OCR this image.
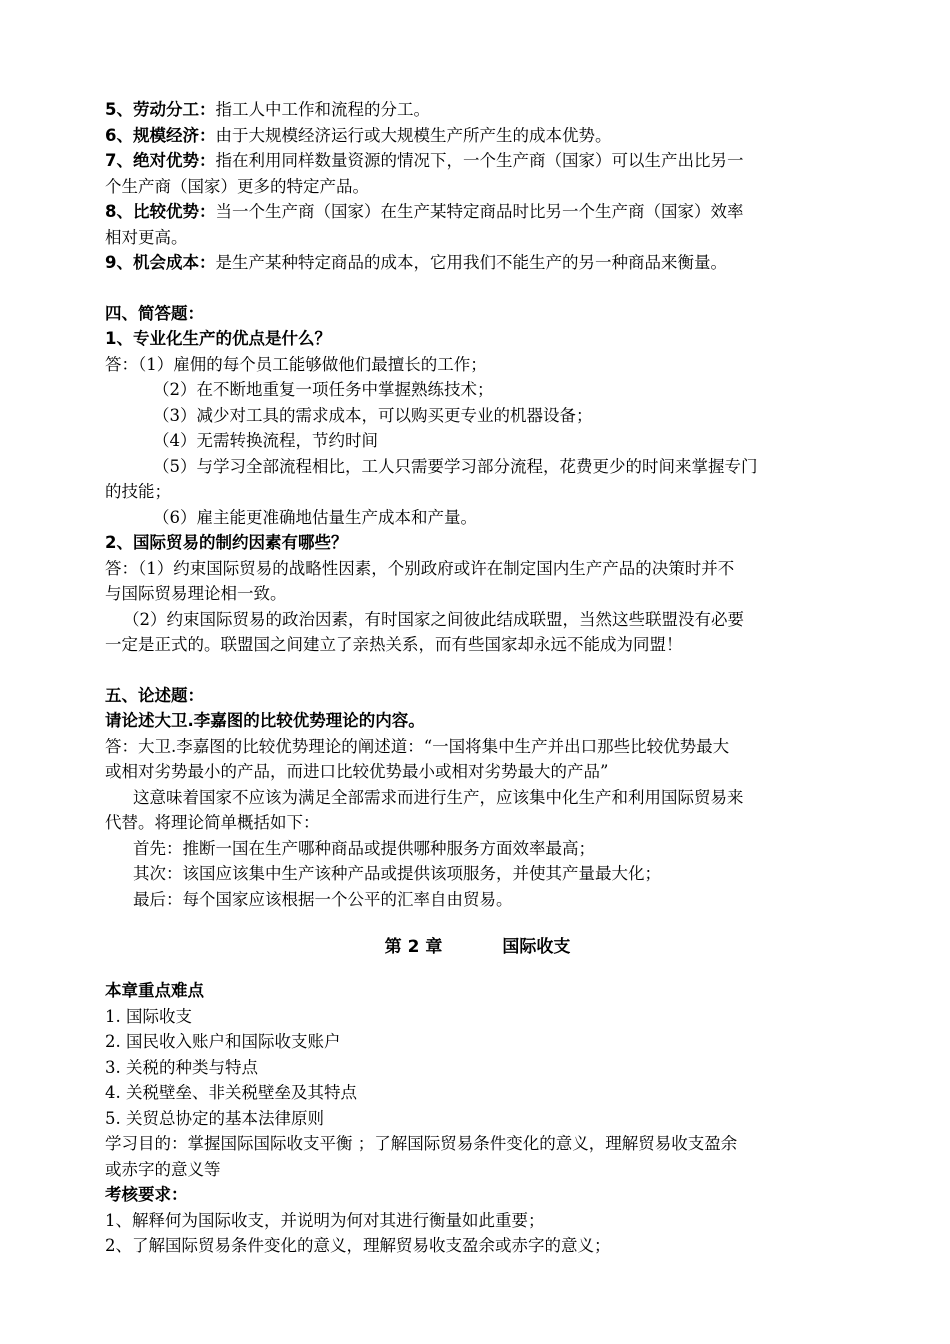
5、劳动分工：指工人中工作和流程的分工。
6、规模经济：由于大规模经济运行或大规模生产所产生的成本优势。
7、绝对优势：指在利用同样数量资源的情况下，一个生产商（国家）可以生产出比另一
个生产商（国家）更多的特定产品。
8、比较优势：当一个生产商（国家）在生产某特定商品时比另一个生产商（国家）效率
相对更高。
9、机会成本：是生产某种特定商品的成本，它用我们不能生产的另一种商品来衡量。
四、简答题：
1、专业化生产的优点是什么？
答：（1）雇佣的每个员工能够做他们最擅长的工作；
（2）在不断地重复一项任务中掌握熟练技术；
（3）减少对工具的需求成本，可以购买更专业的机器设备；
（4）无需转换流程，节约时间
（5）与学习全部流程相比，工人只需要学习部分流程，花费更少的时间来掌握专门
的技能；
（6）雇主能更准确地估量生产成本和产量。
2、国际贸易的制约因素有哪些？
答：（1）约束国际贸易的战略性因素，个别政府或许在制定国内生产产品的决策时并不
与国际贸易理论相一致。
（2）约束国际贸易的政治因素，有时国家之间彼此结成联盟，当然这些联盟没有必要
一定是正式的。联盟国之间建立了亲热关系，而有些国家却永远不能成为同盟！
五、论述题：
请论述大卫.李嘉图的比较优势理论的内容。
答：大卫.李嘉图的比较优势理论的阐述道：“一国将集中生产并出口那些比较优势最大
或相对劣势最小的产品，而进口比较优势最小或相对劣势最大的产品”
这意味着国家不应该为满足全部需求而进行生产，应该集中化生产和利用国际贸易来
代替。将理论简单概括如下：
首先：推断一国在生产哪种商品或提供哪种服务方面效率最高；
其次：该国应该集中生产该种产品或提供该项服务，并使其产量最大化；
最后：每个国家应该根据一个公平的汇率自由贸易。
第 2 章	国际收支
本章重点难点
1. 国际收支
2. 国民收入账户和国际收支账户
3. 关税的种类与特点
4. 关税壁垒、非关税壁垒及其特点
5. 关贸总协定的基本法律原则
学习目的：掌握国际国际收支平衡 ；了解国际贸易条件变化的意义，理解贸易收支盈余
或赤字的意义等
考核要求：
1、解释何为国际收支，并说明为何对其进行衡量如此重要；
2、了解国际贸易条件变化的意义，理解贸易收支盈余或赤字的意义；
